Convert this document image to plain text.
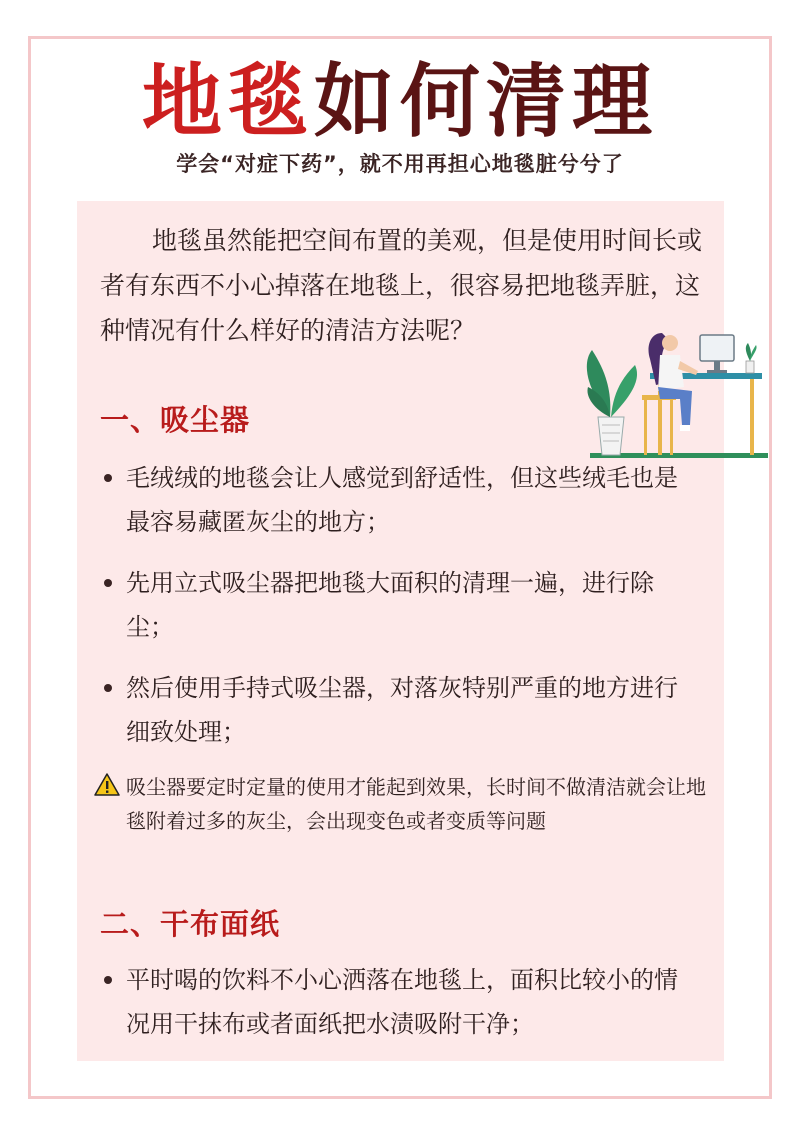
地毯如何清理
学会“对症下药”，就不用再担心地毯脏兮兮了
地毯虽然能把空间布置的美观，但是使用时间长或者有东西不小心掉落在地毯上，很容易把地毯弄脏，这种情况有什么样好的清洁方法呢？
一、吸尘器
毛绒绒的地毯会让人感觉到舒适性，但这些绒毛也是最容易藏匿灰尘的地方；
先用立式吸尘器把地毯大面积的清理一遍，进行除尘；
然后使用手持式吸尘器，对落灰特别严重的地方进行细致处理；
吸尘器要定时定量的使用才能起到效果，长时间不做清洁就会让地毯附着过多的灰尘，会出现变色或者变质等问题
二、干布面纸
平时喝的饮料不小心洒落在地毯上，面积比较小的情况用干抹布或者面纸把水渍吸附干净；
